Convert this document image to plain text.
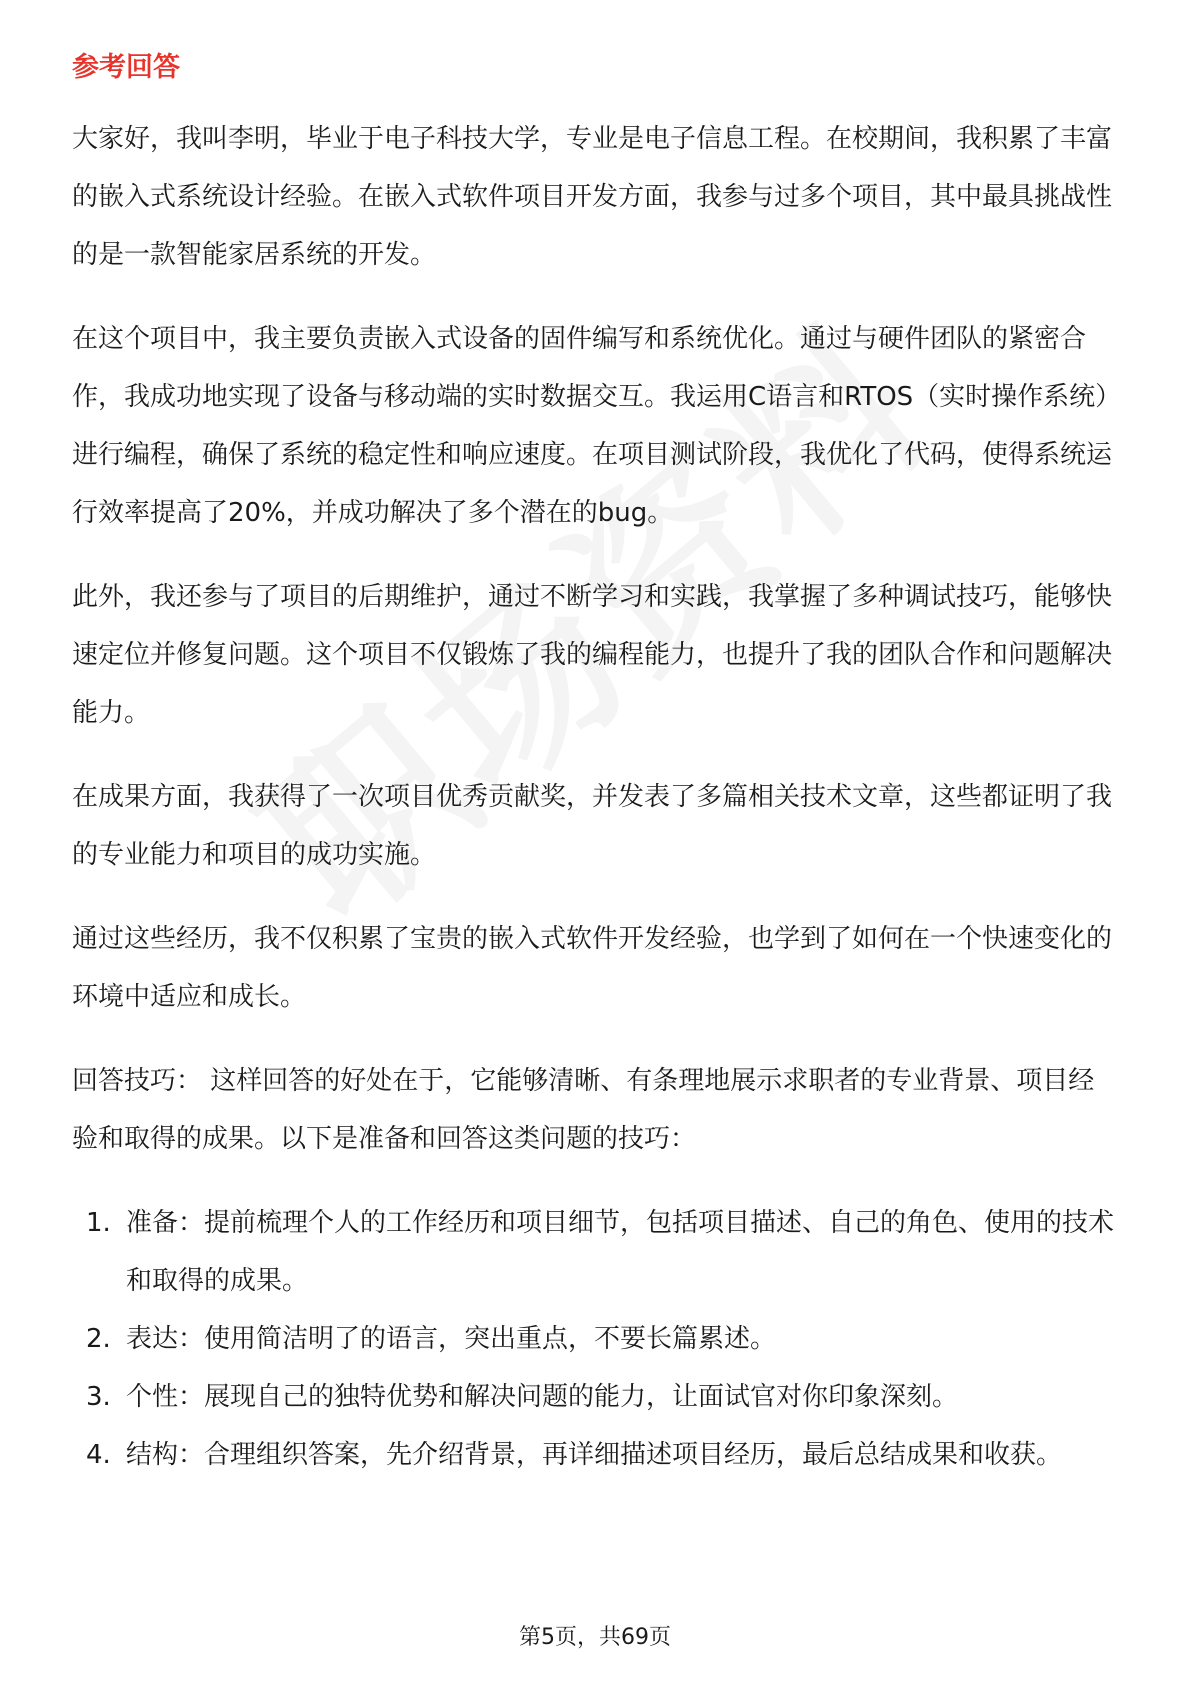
参考回答

大家好，我叫李明，毕业于电子科技大学，专业是电子信息工程。在校期间，我积累了丰富的嵌入式系统设计经验。在嵌入式软件项目开发方面，我参与过多个项目，其中最具挑战性的是一款智能家居系统的开发。

在这个项目中，我主要负责嵌入式设备的固件编写和系统优化。通过与硬件团队的紧密合作，我成功地实现了设备与移动端的实时数据交互。我运用C语言和RTOS（实时操作系统）进行编程，确保了系统的稳定性和响应速度。在项目测试阶段，我优化了代码，使得系统运行效率提高了20%，并成功解决了多个潜在的bug。

此外，我还参与了项目的后期维护，通过不断学习和实践，我掌握了多种调试技巧，能够快速定位并修复问题。这个项目不仅锻炼了我的编程能力，也提升了我的团队合作和问题解决能力。

在成果方面，我获得了一次项目优秀贡献奖，并发表了多篇相关技术文章，这些都证明了我的专业能力和项目的成功实施。

通过这些经历，我不仅积累了宝贵的嵌入式软件开发经验，也学到了如何在一个快速变化的环境中适应和成长。

回答技巧： 这样回答的好处在于，它能够清晰、有条理地展示求职者的专业背景、项目经验和取得的成果。以下是准备和回答这类问题的技巧：

1. 准备：提前梳理个人的工作经历和项目细节，包括项目描述、自己的角色、使用的技术和取得的成果。
2. 表达：使用简洁明了的语言，突出重点，不要长篇累述。
3. 个性：展现自己的独特优势和解决问题的能力，让面试官对你印象深刻。
4. 结构：合理组织答案，先介绍背景，再详细描述项目经历，最后总结成果和收获。
第5页，共69页
